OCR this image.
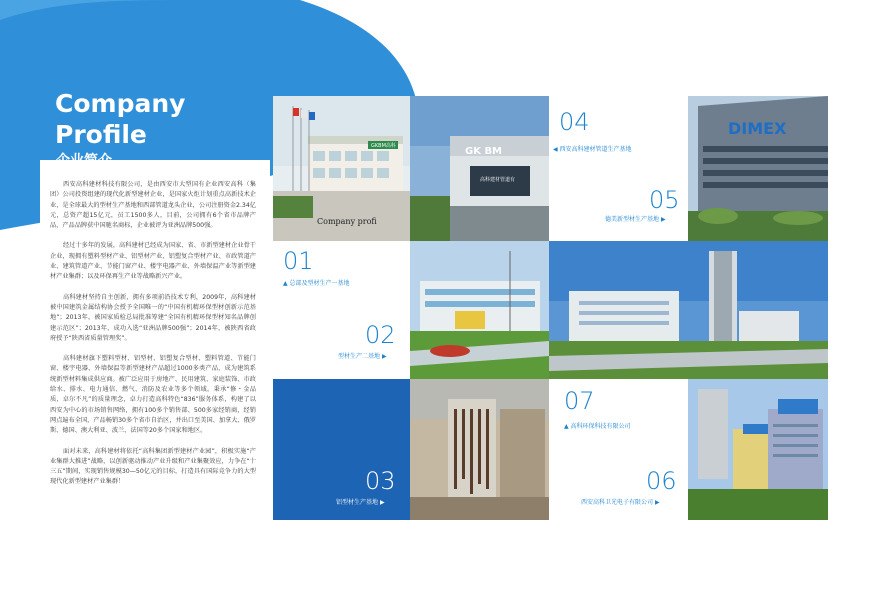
Company
Profile
企业简介

西安高科建材科技有限公司，是由西安市大型国有企业西安高科（集团）公司投资组建的现代化新型建材企业，是国家火炬计划重点高新技术企业，是全球最大的型材生产基地和西部管道龙头企业，公司注册资金2.34亿元，总资产超15亿元，员工1500多人，目前，公司拥有6个省市品牌产品，产品品牌获中国驰名商标，企业被评为亚洲品牌500强。

经过十多年的发展，高科建材已经成为国家、省、市新型建材企业骨干企业，现拥有塑料型材产业、铝型材产业、铝塑复合型材产业、市政管道产业、建筑管道产业、节能门窗产业、楼宇电器产业、外墙保温产业等新型建材产业集群；以及环保再生产业等战略新兴产业。

高科建材坚持自主创新，拥有多项前沿技术专利，2009年，高科建材被中国建筑金属结构协会授予全国唯一的“中国有机精环保型材创新示范基地”；2013年，被国家质检总局批准筹建“全国有机精环保型材知名品牌创建示范区”；2013年，成功入选“亚洲品牌500强”；2014年，被陕西省政府授予“陕西省质量管理奖”。

高科建材旗下塑料型材、铝型材、铝塑复合型材、塑料管道、节能门窗、楼宇电器、外墙保温等新型建材产品超过1000多类产品，成为建筑系统新型材料集成供应商。被广泛应用于房地产、民用建筑、家庭装饰、市政给水、排水、电力通信、燃气、消防及农业等多个领域。秉承“修・金品质，卓尔不凡”的质量理念，卓力打造高科特色“836”服务体系，构建了以西安为中心的市场销售网络，拥有100多个销售部、500多家经销商，经销网点遍布全国，产品畅销30多个省市自治区，并出口至美国、加拿大、俄罗斯、德国、澳大利亚、波兰、法国等20多个国家和地区。

面对未来，高科建材将依托“高科集团新型建材产业园”，积极实施“产业集群大推进”战略，以创新驱动推动产业升级和产业集聚效应，力争在“十三五”期间，实现销售规模30—50亿元的目标，打造具有国际竞争力的大型现代化新型建材产业集群！

Company profi
GKBM高科	GK BM
高科建材管道有
04
◀ 西安高科建材管道生产基地
05
德美新型材生产基地 ▶
DIMEX
01
▲ 总部及型材生产一基地
02
型材生产二基地 ▶
03
铝型材生产基地 ▶
07
▲ 高科环保科技有限公司
06
西安高科卫光电子有限公司 ▶
